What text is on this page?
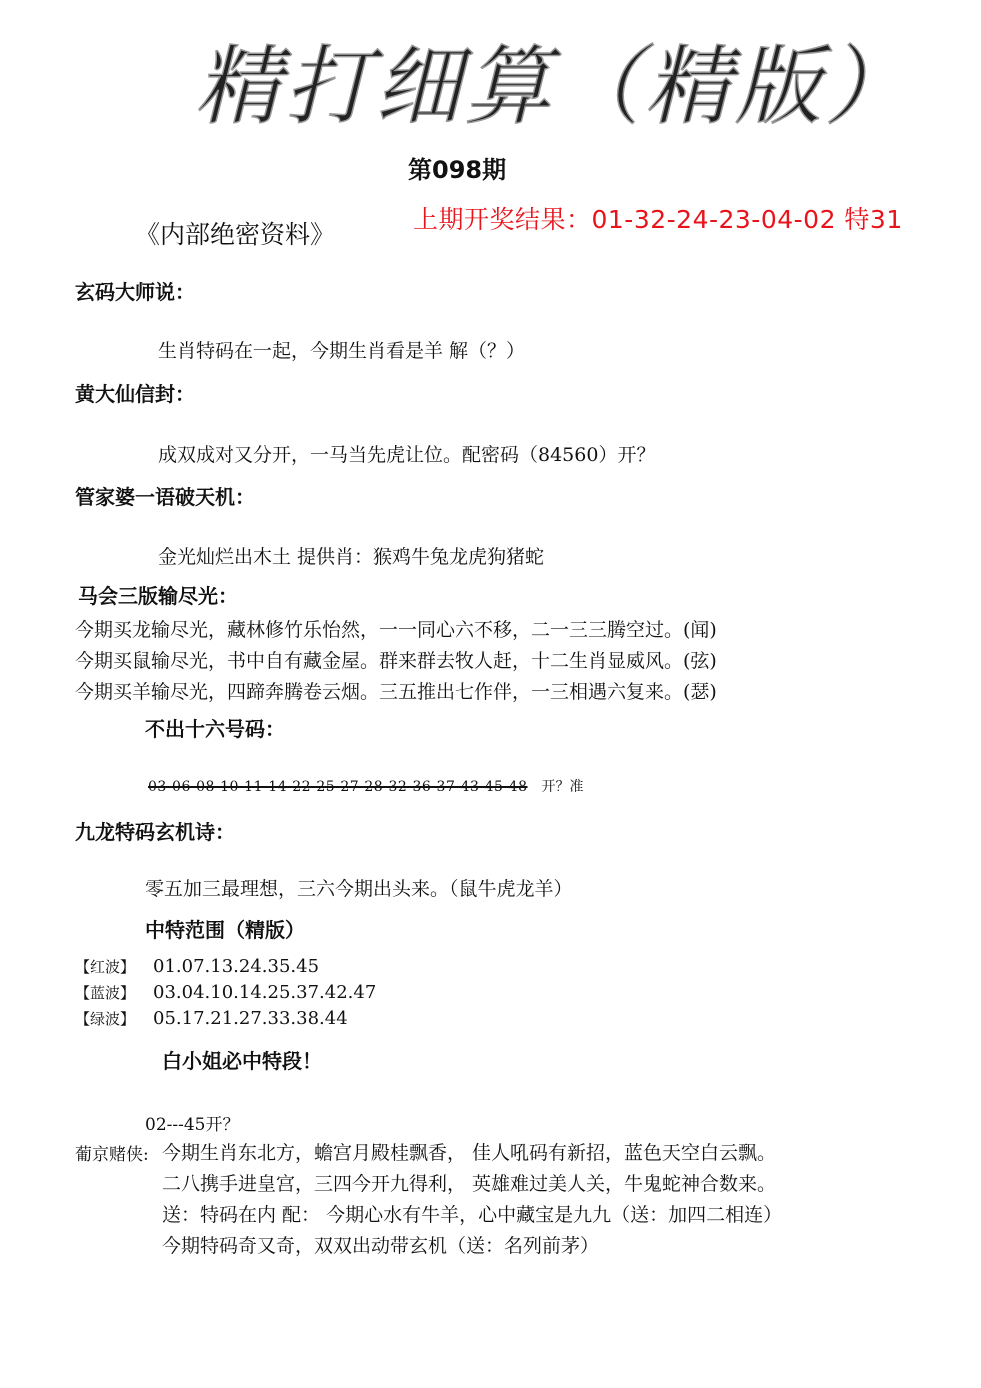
精打细算（精版）
第098期
上期开奖结果：01-32-24-23-04-02 特31
《内部绝密资料》
玄码大师说：
生肖特码在一起，今期生肖看是羊 解（？）
黄大仙信封：
成双成对又分开，一马当先虎让位。配密码（84560）开？
管家婆一语破天机：
金光灿烂出木土 提供肖：猴鸡牛兔龙虎狗猪蛇
马会三版输尽光：
今期买龙输尽光，藏林修竹乐怡然，一一同心六不移，二一三三腾空过。(闻)
今期买鼠输尽光，书中自有藏金屋。群来群去牧人赶，十二生肖显威风。(弦)
今期买羊输尽光，四蹄奔腾卷云烟。三五推出七作伴，一三相遇六复来。(瑟)
不出十六号码：
03-06-08-10-11-14-22-25-27-28-32-36-37-43-45-48 开？准
九龙特码玄机诗：
零五加三最理想，三六今期出头来。（鼠牛虎龙羊）
中特范围（精版）
【红波】 01.07.13.24.35.45
【蓝波】 03.04.10.14.25.37.42.47
【绿波】 05.17.21.27.33.38.44
白小姐必中特段！
02---45开？
葡京赌侠: 今期生肖东北方，蟾宫月殿桂飘香， 佳人吼码有新招，蓝色天空白云飘。
二八携手进皇宫，三四今开九得利， 英雄难过美人关，牛鬼蛇神合数来。
送：特码在内 配： 今期心水有牛羊，心中藏宝是九九（送：加四二相连）
今期特码奇又奇，双双出动带玄机（送：名列前茅）
